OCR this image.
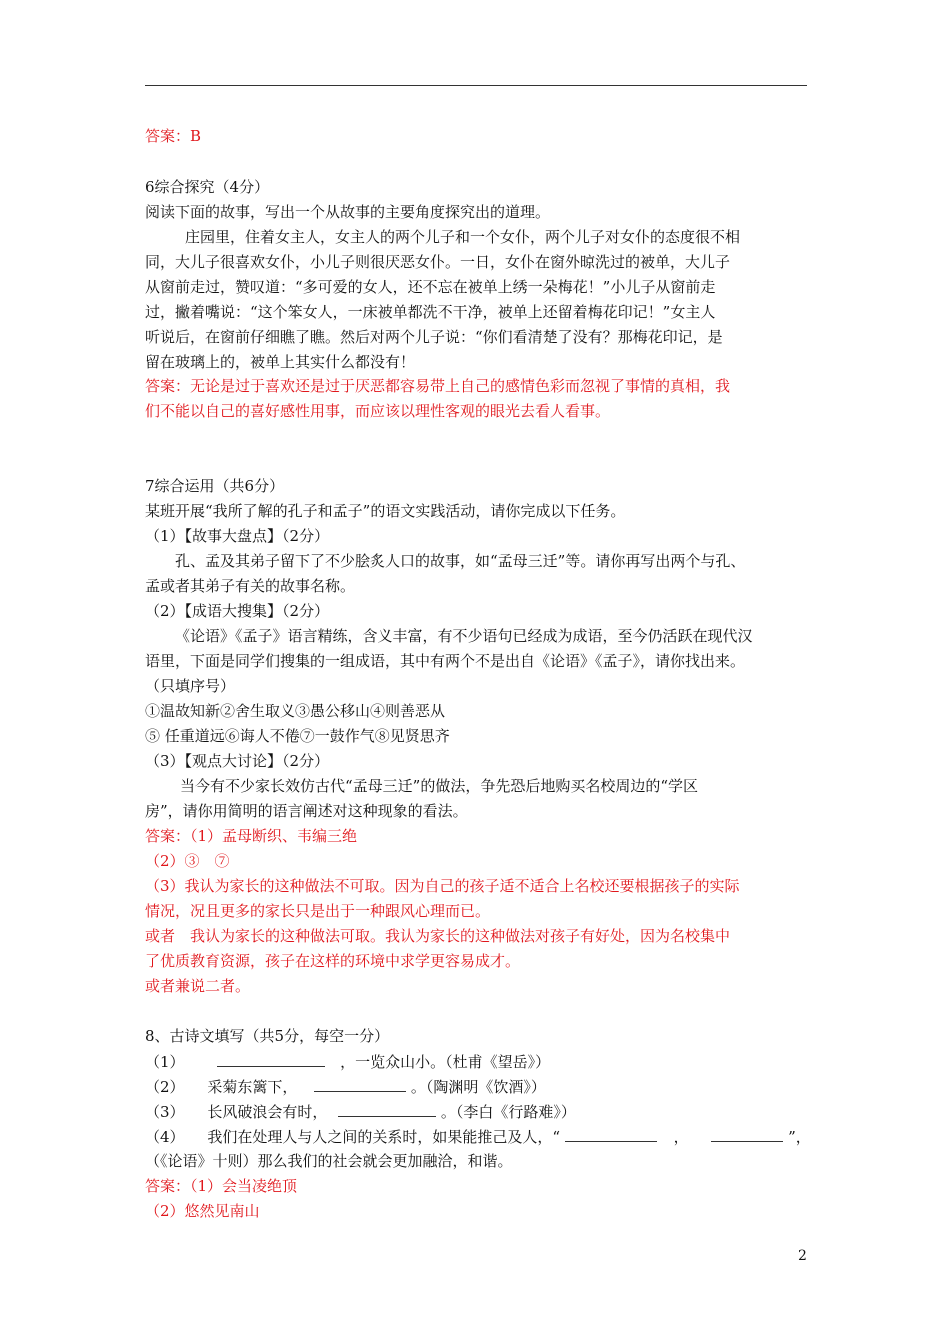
答案：B
6综合探究（4分）
阅读下面的故事，写出一个从故事的主要角度探究出的道理。
庄园里，住着女主人，女主人的两个儿子和一个女仆，两个儿子对女仆的态度很不相
同，大儿子很喜欢女仆，小儿子则很厌恶女仆。一日，女仆在窗外晾洗过的被单，大儿子
从窗前走过，赞叹道：“多可爱的女人，还不忘在被单上绣一朵梅花！”小儿子从窗前走
过，撇着嘴说：“这个笨女人，一床被单都洗不干净，被单上还留着梅花印记！”女主人
听说后，在窗前仔细瞧了瞧。然后对两个儿子说：“你们看清楚了没有？那梅花印记，是
留在玻璃上的，被单上其实什么都没有！
答案：无论是过于喜欢还是过于厌恶都容易带上自己的感情色彩而忽视了事情的真相，我
们不能以自己的喜好感性用事，而应该以理性客观的眼光去看人看事。
7综合运用（共6分）
某班开展“我所了解的孔子和孟子”的语文实践活动，请你完成以下任务。
（1）【故事大盘点】（2分）
孔、孟及其弟子留下了不少脍炙人口的故事，如“孟母三迁”等。请你再写出两个与孔、
孟或者其弟子有关的故事名称。
（2）【成语大搜集】（2分）
《论语》《孟子》语言精练，含义丰富，有不少语句已经成为成语，至今仍活跃在现代汉
语里，下面是同学们搜集的一组成语，其中有两个不是出自《论语》《孟子》，请你找出来。
（只填序号）
①温故知新②舍生取义③愚公移山④则善恶从
⑤ 任重道远⑥诲人不倦⑦一鼓作气⑧见贤思齐
（3）【观点大讨论】（2分）
当今有不少家长效仿古代“孟母三迁”的做法，争先恐后地购买名校周边的“学区
房”，请你用简明的语言阐述对这种现象的看法。
答案：（1）孟母断织、韦编三绝
（2）③　⑦
（3）我认为家长的这种做法不可取。因为自己的孩子适不适合上名校还要根据孩子的实际
情况，况且更多的家长只是出于一种跟风心理而已。
或者　我认为家长的这种做法可取。我认为家长的这种做法对孩子有好处，因为名校集中
了优质教育资源，孩子在这样的环境中求学更容易成才。
或者兼说二者。
8、古诗文填写（共5分，每空一分）
（1）	，一览众山小。（杜甫《望岳》）
（2） 采菊东篱下，	。（陶渊明《饮酒》）
（3） 长风破浪会有时，	。（李白《行路难》）
（4） 我们在处理人与人之间的关系时，如果能推己及人，“	，	”，
（《论语》十则）那么我们的社会就会更加融洽，和谐。
答案：（1）会当凌绝顶
（2）悠然见南山
2
